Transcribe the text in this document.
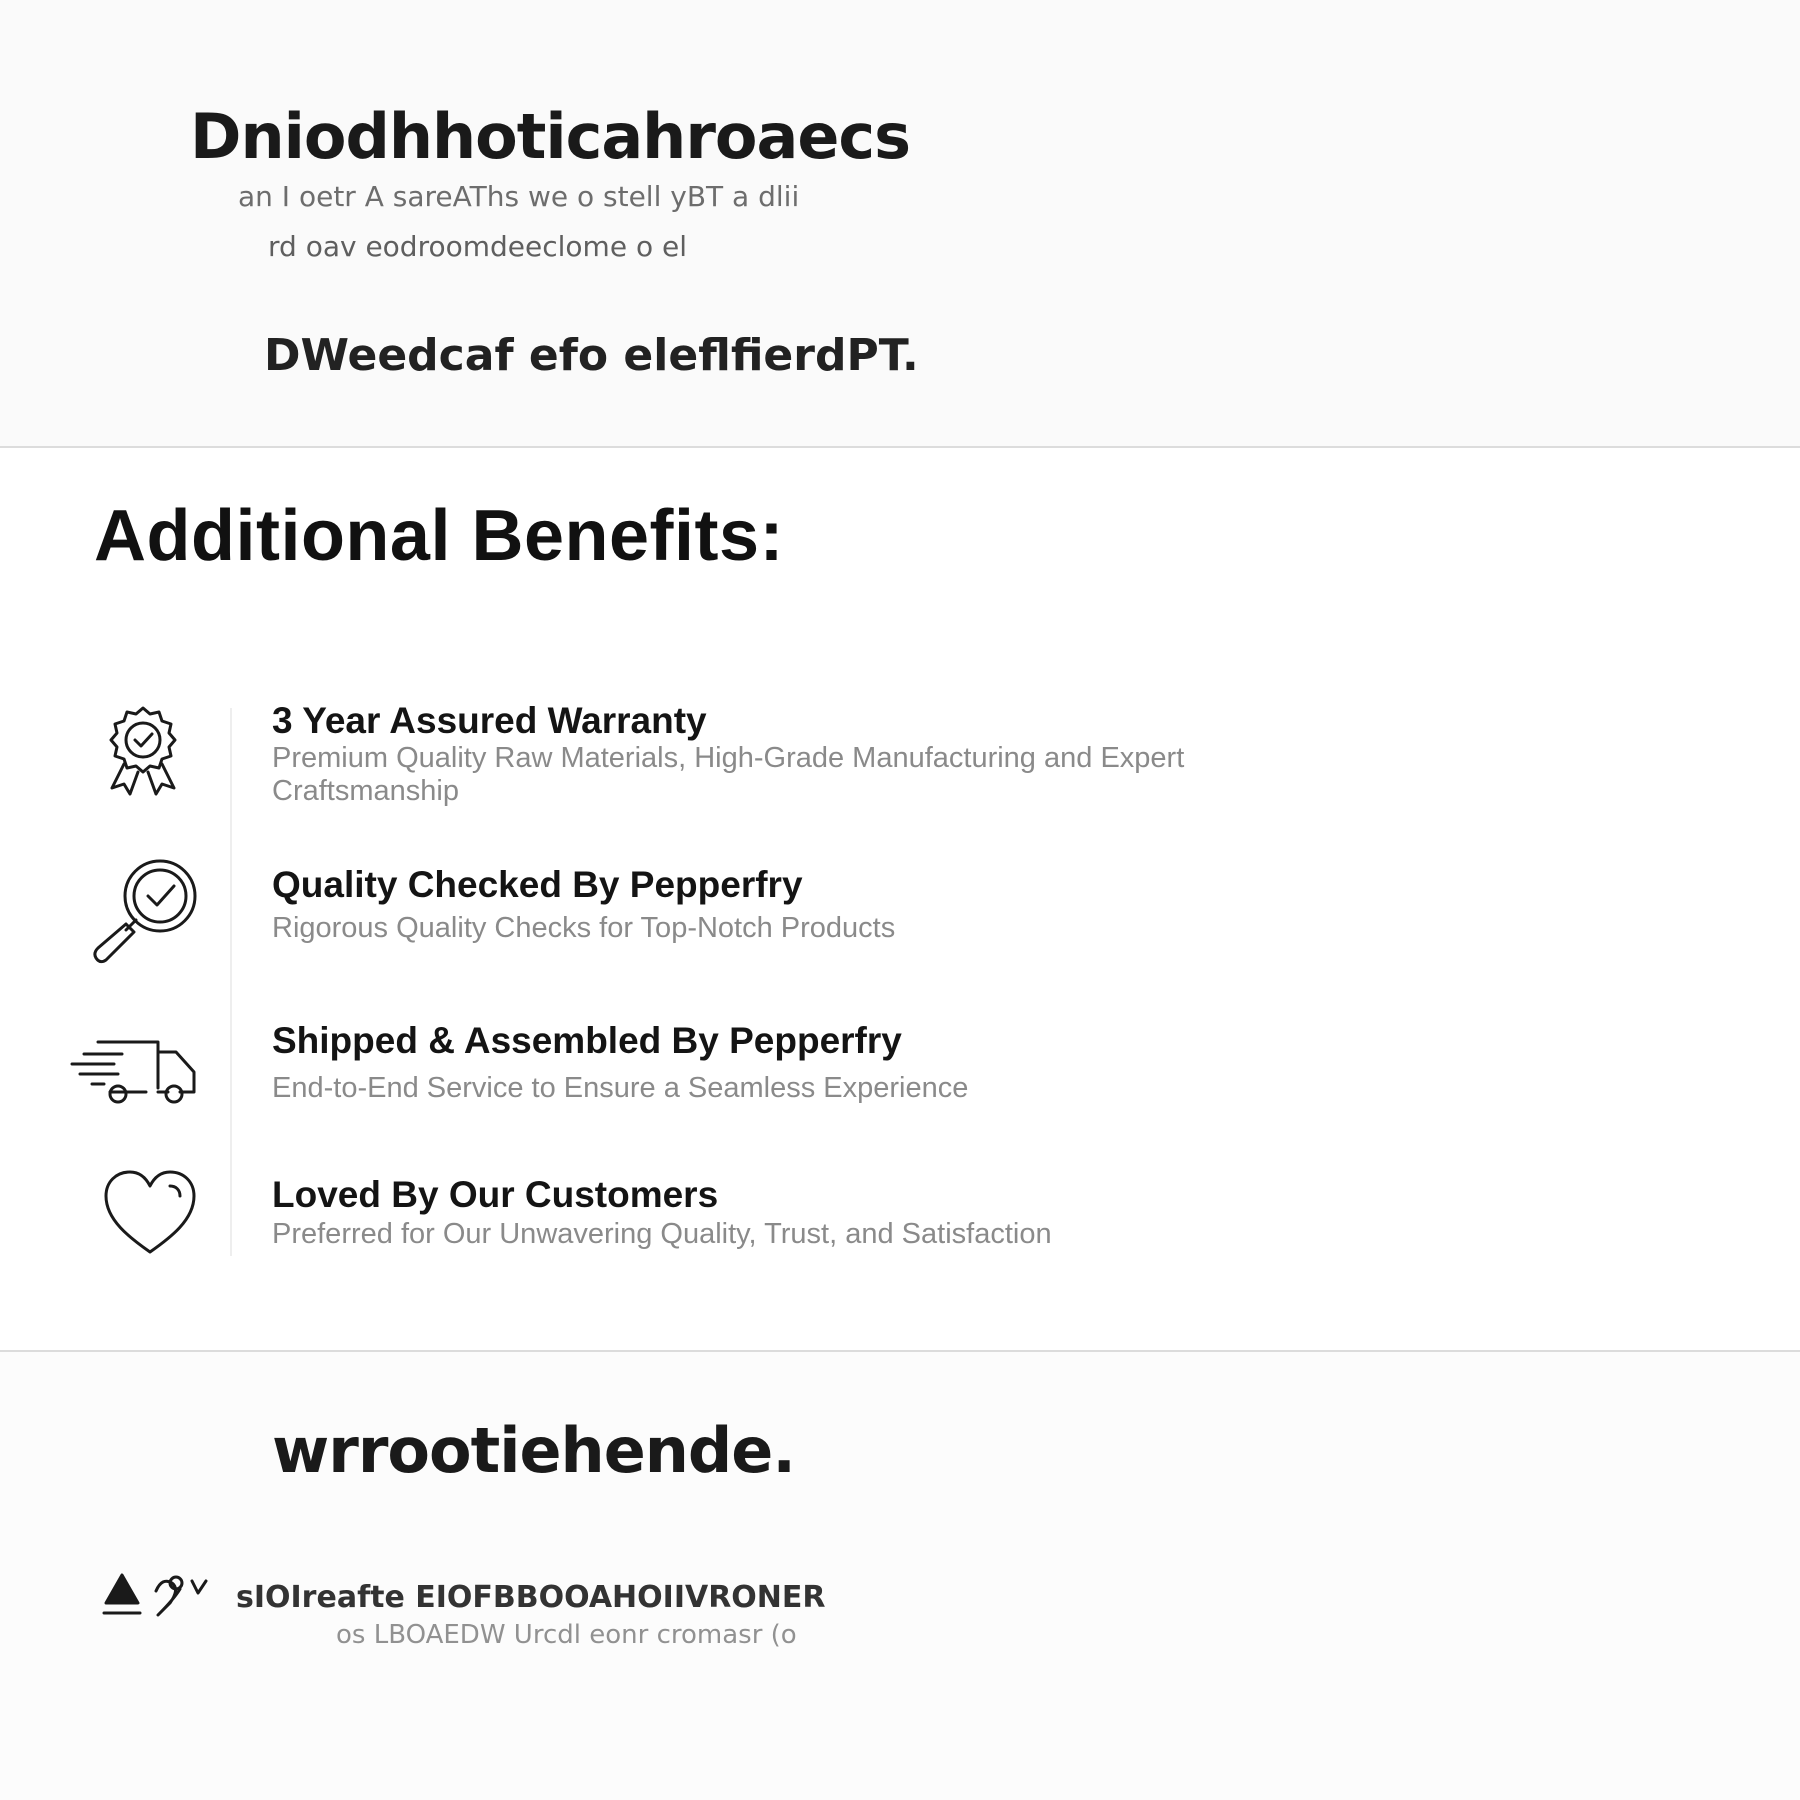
Dniodhhoticahroaecs
an I oetr A sareAThs we o stell yBT a dlii
rd oav eodroomdeeclome o el
DWeedcaf efo eleflfierdPT.
Additional Benefits:
3 Year Assured Warranty
Premium Quality Raw Materials, High-Grade Manufacturing and Expert Craftsmanship
Quality Checked By Pepperfry
Rigorous Quality Checks for Top-Notch Products
Shipped & Assembled By Pepperfry
End-to-End Service to Ensure a Seamless Experience
Loved By Our Customers
Preferred for Our Unwavering Quality, Trust, and Satisfaction
wrrootiehende.
sIOIreafte EIOFBBOOAHOIIVRONER
os LBOAEDW Urcdl eonr cromasr (o
